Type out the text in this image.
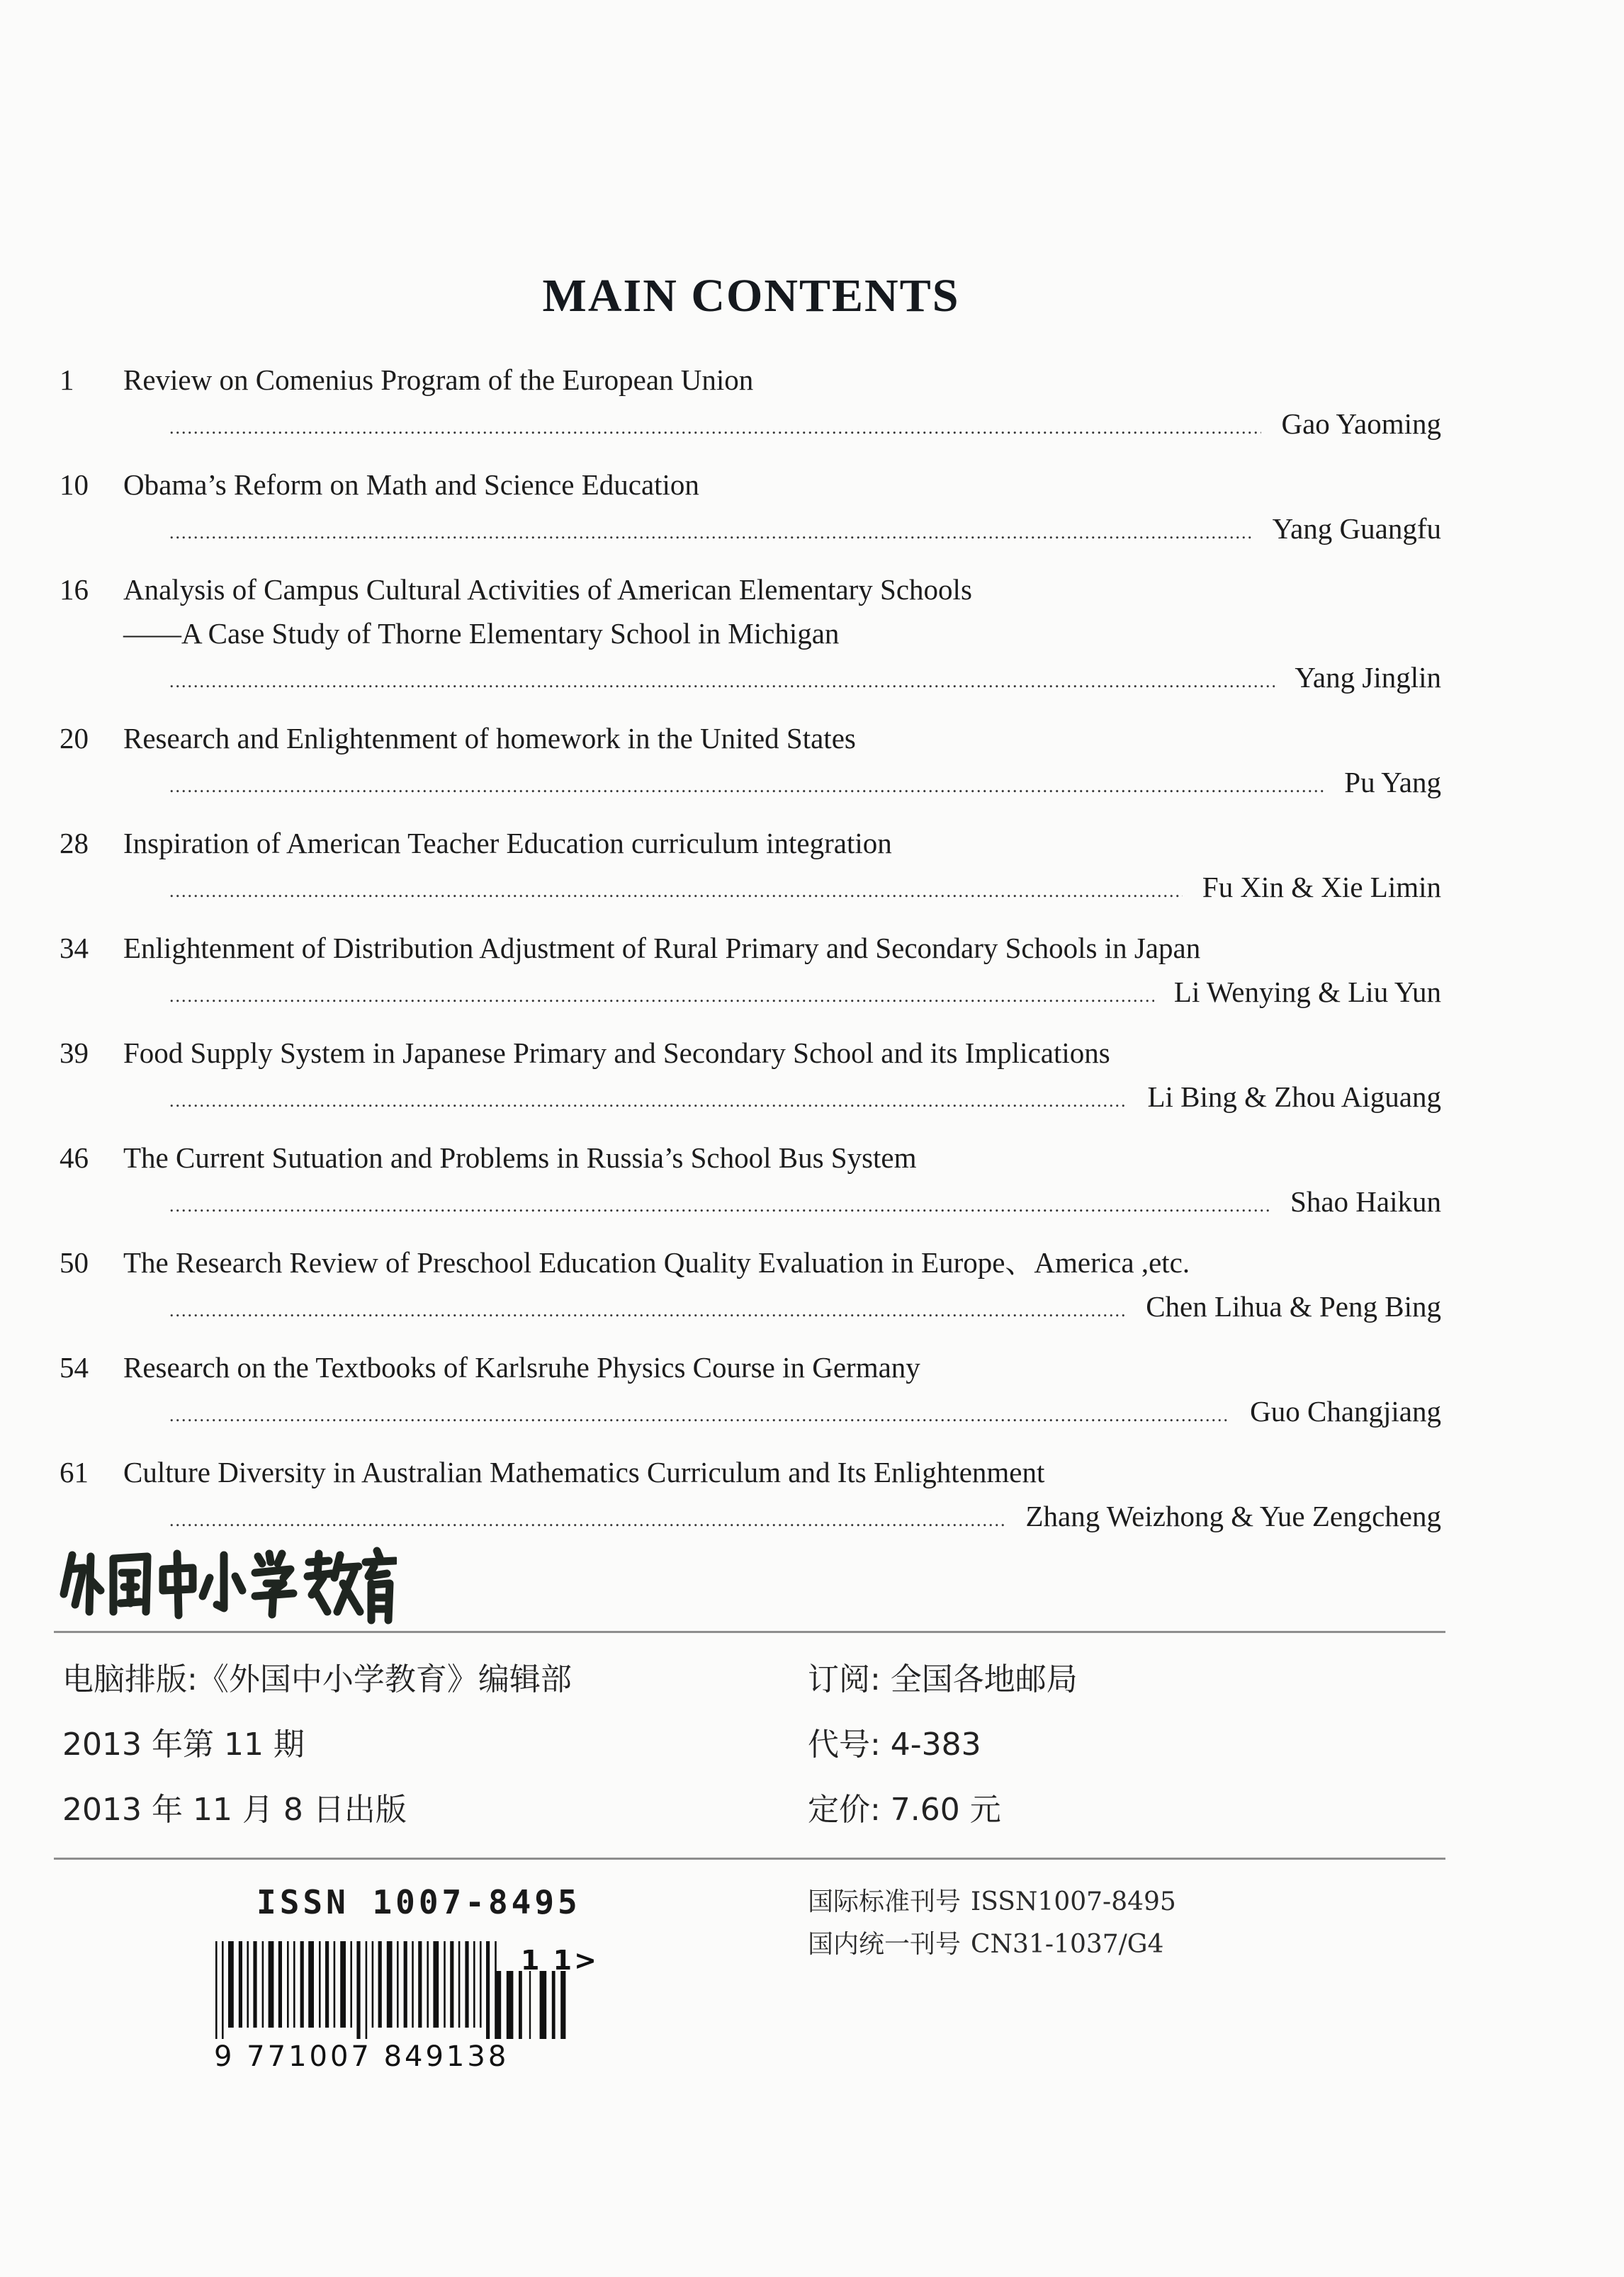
MAIN CONTENTS
1	Review on Comenius Program of the European Union
.....
Gao Yaoming
10	Obama’s Reform on Math and Science Education
.....
Yang Guangfu
16	Analysis of Campus Cultural Activities of American Elementary Schools
——A Case Study of Thorne Elementary School in Michigan
.....
Yang Jinglin
20	Research and Enlightenment of homework in the United States
.....
Pu Yang
28	Inspiration of American Teacher Education curriculum integration
.....
Fu Xin & Xie Limin
34	Enlightenment of Distribution Adjustment of Rural Primary and Secondary Schools in Japan
.....
Li Wenying & Liu Yun
39	Food Supply System in Japanese Primary and Secondary School and its Implications
.....
Li Bing & Zhou Aiguang
46	The Current Sutuation and Problems in Russia’s School Bus System
.....
Shao Haikun
50	The Research Review of Preschool Education Quality Evaluation in Europe、America ,etc.
.....
Chen Lihua & Peng Bing
54	Research on the Textbooks of Karlsruhe Physics Course in Germany
.....
Guo Changjiang
61	Culture Diversity in Australian Mathematics Curriculum and Its Enlightenment
.....
Zhang Weizhong & Yue Zengcheng
电脑排版:《外国中小学教育》编辑部
2013 年第 11 期
2013 年 11 月 8 日出版
订阅: 全国各地邮局
代号: 4-383
定价: 7.60 元
ISSN 1007-8495
9 771007 849138
1 1>
国际标准刊号 ISSN1007-8495
国内统一刊号 CN31-1037/G4
